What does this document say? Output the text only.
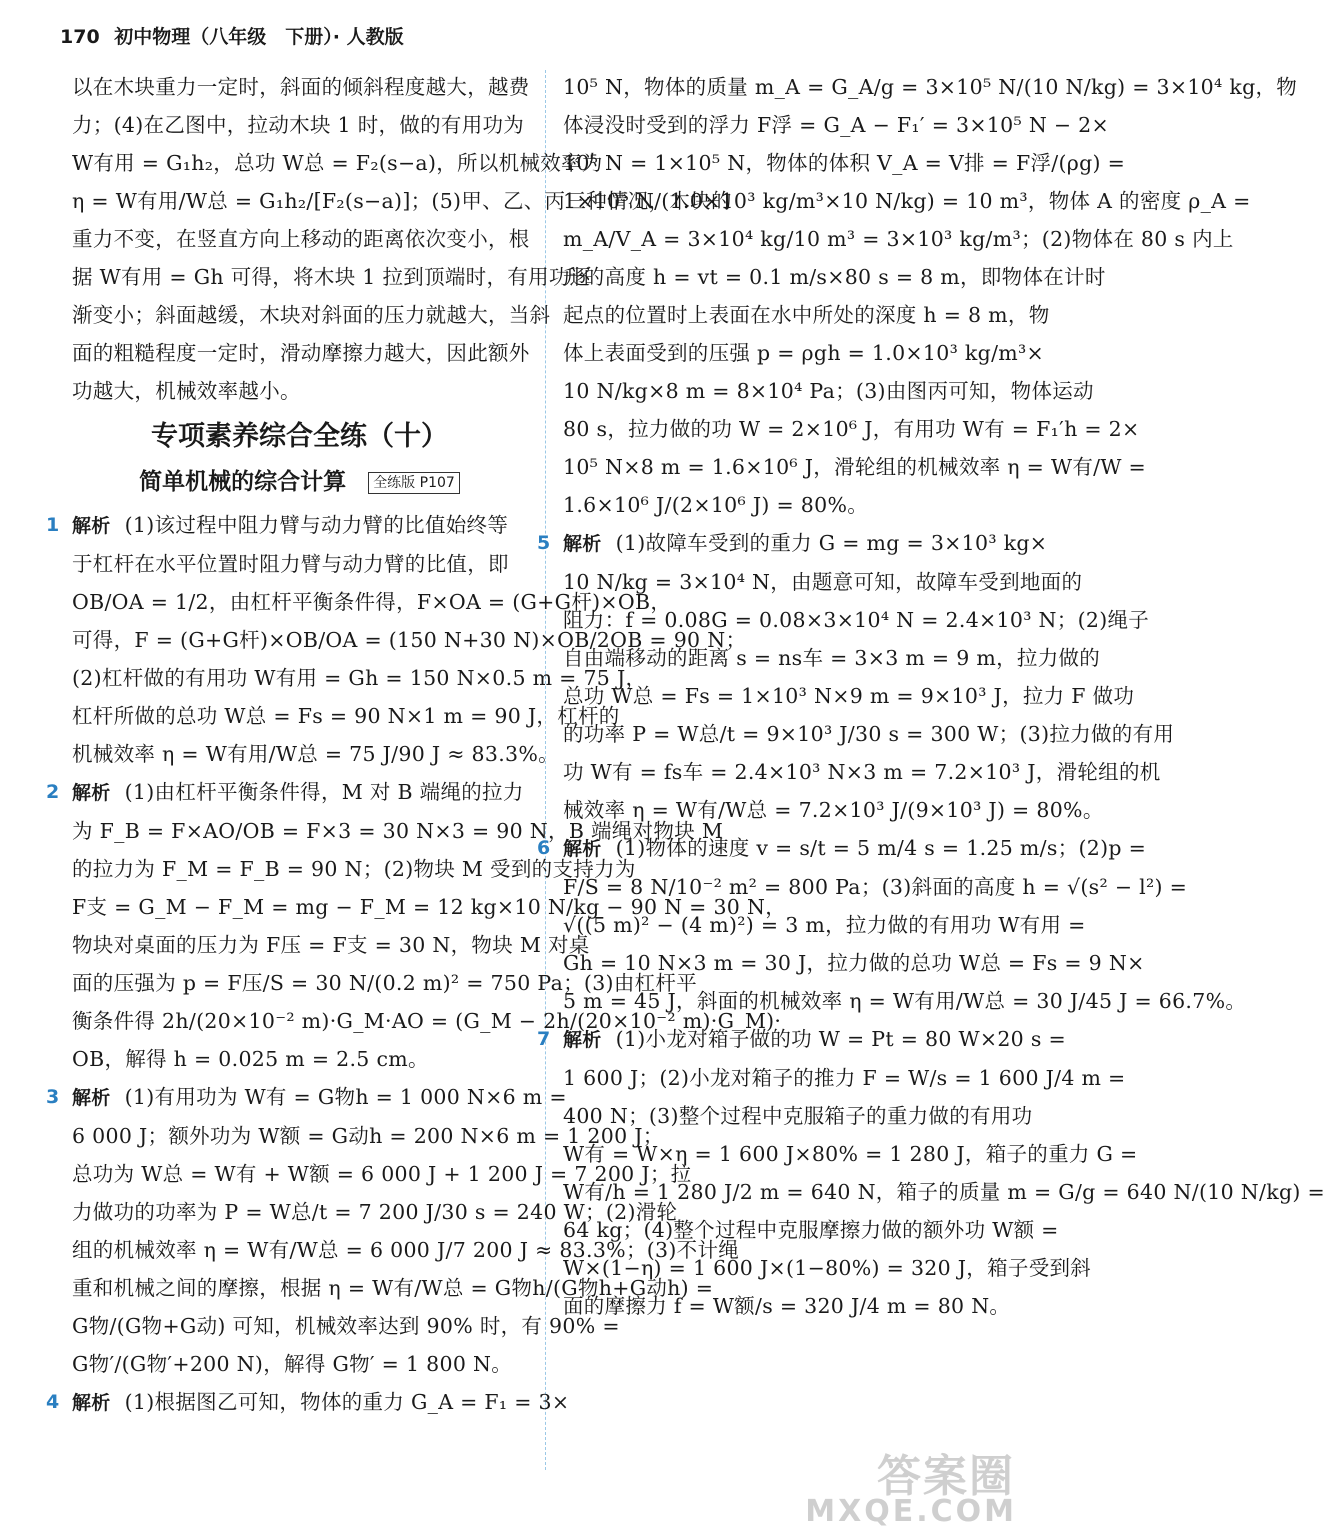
170 初中物理（八年级　下册）· 人教版

以在木块重力一定时，斜面的倾斜程度越大，越费

力；(4)在乙图中，拉动木块 1 时，做的有用功为

W有用 = G₁h₂，总功 W总 = F₂(s−a)，所以机械效率为

η = W有用/W总 = G₁h₂/[F₂(s−a)]；(5)甲、乙、丙三种情况，木块的

重力不变，在竖直方向上移动的距离依次变小，根

据 W有用 = Gh 可得，将木块 1 拉到顶端时，有用功逐

渐变小；斜面越缓，木块对斜面的压力就越大，当斜

面的粗糙程度一定时，滑动摩擦力越大，因此额外

功越大，机械效率越小。

专项素养综合全练（十）
简单机械的综合计算 全练版 P107
1 解析 (1)该过程中阻力臂与动力臂的比值始终等

于杠杆在水平位置时阻力臂与动力臂的比值，即

OB/OA = 1/2，由杠杆平衡条件得，F×OA = (G+G杆)×OB，

可得，F = (G+G杆)×OB/OA = (150 N+30 N)×OB/2OB = 90 N；

(2)杠杆做的有用功 W有用 = Gh = 150 N×0.5 m = 75 J，

杠杆所做的总功 W总 = Fs = 90 N×1 m = 90 J，杠杆的

机械效率 η = W有用/W总 = 75 J/90 J ≈ 83.3%。

2 解析 (1)由杠杆平衡条件得，M 对 B 端绳的拉力

为 F_B = F×AO/OB = F×3 = 30 N×3 = 90 N，B 端绳对物块 M

的拉力为 F_M = F_B = 90 N；(2)物块 M 受到的支持力为

F支 = G_M − F_M = mg − F_M = 12 kg×10 N/kg − 90 N = 30 N，

物块对桌面的压力为 F压 = F支 = 30 N，物块 M 对桌

面的压强为 p = F压/S = 30 N/(0.2 m)² = 750 Pa；(3)由杠杆平

衡条件得 2h/(20×10⁻² m)·G_M·AO = (G_M − 2h/(20×10⁻² m)·G_M)·

OB，解得 h = 0.025 m = 2.5 cm。

3 解析 (1)有用功为 W有 = G物h = 1 000 N×6 m =

6 000 J；额外功为 W额 = G动h = 200 N×6 m = 1 200 J；

总功为 W总 = W有 + W额 = 6 000 J + 1 200 J = 7 200 J；拉

力做功的功率为 P = W总/t = 7 200 J/30 s = 240 W；(2)滑轮

组的机械效率 η = W有/W总 = 6 000 J/7 200 J ≈ 83.3%；(3)不计绳

重和机械之间的摩擦，根据 η = W有/W总 = G物h/(G物h+G动h) =

G物/(G物+G动) 可知，机械效率达到 90% 时，有 90% =

G物′/(G物′+200 N)，解得 G物′ = 1 800 N。

4 解析 (1)根据图乙可知，物体的重力 G_A = F₁ = 3×

10⁵ N，物体的质量 m_A = G_A/g = 3×10⁵ N/(10 N/kg) = 3×10⁴ kg，物

体浸没时受到的浮力 F浮 = G_A − F₁′ = 3×10⁵ N − 2×

10⁵ N = 1×10⁵ N，物体的体积 V_A = V排 = F浮/(ρg) =

1×10⁵ N/(1.0×10³ kg/m³×10 N/kg) = 10 m³，物体 A 的密度 ρ_A =

m_A/V_A = 3×10⁴ kg/10 m³ = 3×10³ kg/m³；(2)物体在 80 s 内上

升的高度 h = vt = 0.1 m/s×80 s = 8 m，即物体在计时

起点的位置时上表面在水中所处的深度 h = 8 m，物

体上表面受到的压强 p = ρgh = 1.0×10³ kg/m³×

10 N/kg×8 m = 8×10⁴ Pa；(3)由图丙可知，物体运动

80 s，拉力做的功 W = 2×10⁶ J，有用功 W有 = F₁′h = 2×

10⁵ N×8 m = 1.6×10⁶ J，滑轮组的机械效率 η = W有/W =

1.6×10⁶ J/(2×10⁶ J) = 80%。

5 解析 (1)故障车受到的重力 G = mg = 3×10³ kg×

10 N/kg = 3×10⁴ N，由题意可知，故障车受到地面的

阻力：f = 0.08G = 0.08×3×10⁴ N = 2.4×10³ N；(2)绳子

自由端移动的距离 s = ns车 = 3×3 m = 9 m，拉力做的

总功 W总 = Fs = 1×10³ N×9 m = 9×10³ J，拉力 F 做功

的功率 P = W总/t = 9×10³ J/30 s = 300 W；(3)拉力做的有用

功 W有 = fs车 = 2.4×10³ N×3 m = 7.2×10³ J，滑轮组的机

械效率 η = W有/W总 = 7.2×10³ J/(9×10³ J) = 80%。

6 解析 (1)物体的速度 v = s/t = 5 m/4 s = 1.25 m/s；(2)p =

F/S = 8 N/10⁻² m² = 800 Pa；(3)斜面的高度 h = √(s² − l²) =

√((5 m)² − (4 m)²) = 3 m，拉力做的有用功 W有用 =

Gh = 10 N×3 m = 30 J，拉力做的总功 W总 = Fs = 9 N×

5 m = 45 J，斜面的机械效率 η = W有用/W总 = 30 J/45 J = 66.7%。

7 解析 (1)小龙对箱子做的功 W = Pt = 80 W×20 s =

1 600 J；(2)小龙对箱子的推力 F = W/s = 1 600 J/4 m =

400 N；(3)整个过程中克服箱子的重力做的有用功

W有 = W×η = 1 600 J×80% = 1 280 J，箱子的重力 G =

W有/h = 1 280 J/2 m = 640 N，箱子的质量 m = G/g = 640 N/(10 N/kg) =

64 kg；(4)整个过程中克服摩擦力做的额外功 W额 =

W×(1−η) = 1 600 J×(1−80%) = 320 J，箱子受到斜

面的摩擦力 f = W额/s = 320 J/4 m = 80 N。

答案圈
MXQE.COM
